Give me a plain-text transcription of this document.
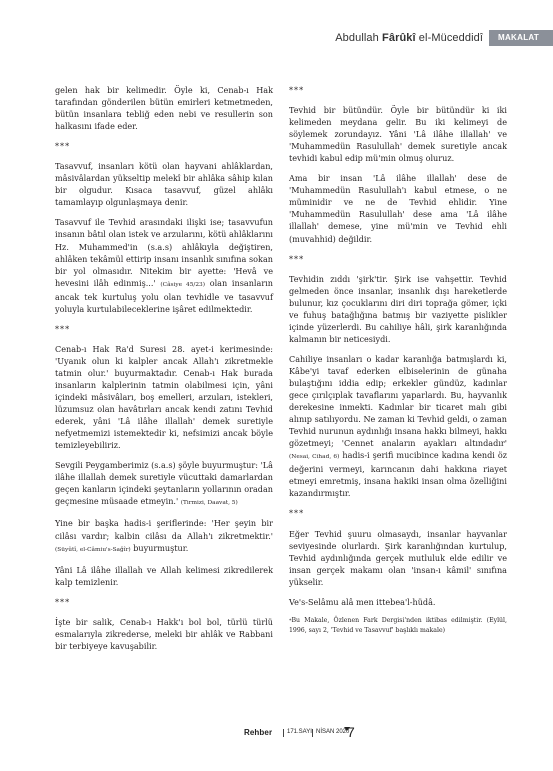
Abdullah Fârûkî el-Müceddidî	MAKALAT

gelen hak bir kelimedir. Öyle ki, Cenab-ı Hak tarafından gönderilen bütün emirleri ketmetmeden, bütün insanlara tebliğ eden nebi ve resullerin son halkasını ifade eder.

***

Tasavvuf, insanları kötü olan hayvani ahlâklardan, mâsivâlardan yükseltip melekî bir ahlâka sâhip kılan bir olgudur. Kısaca tasavvuf, güzel ahlâkı tamamlayıp olgunlaşmaya denir.

Tasavvuf ile Tevhid arasındaki ilişki ise; tasavvufun insanın bâtıl olan istek ve arzularını, kötü ahlâklarını Hz. Muhammed'in (s.a.s) ahlâkıyla değiştiren, ahlâken tekâmül ettirip insanı insanlık sınıfına sokan bir yol olmasıdır. Nitekim bir ayette: 'Hevâ ve hevesini ilâh edinmiş...' (Câsiye 45/23) olan insanların ancak tek kurtuluş yolu olan tevhidle ve tasavvuf yoluyla kurtulabileceklerine işâret edilmektedir.

***

Cenab-ı Hak Ra'd Suresi 28. ayet-i kerimesinde: 'Uyanık olun ki kalpler ancak Allah'ı zikretmekle tatmin olur.' buyurmaktadır. Cenab-ı Hak burada insanların kalplerinin tatmin olabilmesi için, yâni içindeki mâsivâları, boş emelleri, arzuları, istekleri, lüzumsuz olan havâtırları ancak kendi zatını Tevhid ederek, yâni 'Lâ ilâhe illallah' demek suretiyle nefyetmemizi istemektedir ki, nefsimizi ancak böyle temizleyebiliriz.

Sevgili Peygamberimiz (s.a.s) şöyle buyurmuştur: 'Lâ ilâhe illallah demek suretiyle vücuttaki damarlardan geçen kanların içindeki şeytanların yollarının oradan geçmesine müsaade etmeyin.' (Tirmizi, Daavat, 5)

Yine bir başka hadis-i şeriflerinde: 'Her şeyin bir cilâsı vardır; kalbin cilâsı da Allah'ı zikretmektir.' (Süyûtî, el-Câmiu's-Sağîr) buyurmuştur.

Yâni Lâ ilâhe illallah ve Allah kelimesi zikredilerek kalp temizlenir.

***

İşte bir salik, Cenab-ı Hakk'ı bol bol, türlü türlü esmalarıyla zikrederse, meleki bir ahlâk ve Rabbani bir terbiyeye kavuşabilir.

***

Tevhid bir bütündür. Öyle bir bütündür ki iki kelimeden meydana gelir. Bu iki kelimeyi de söylemek zorundayız. Yâni 'Lâ ilâhe illallah' ve 'Muhammedün Rasulullah' demek suretiyle ancak tevhidi kabul edip mü'min olmuş oluruz.

Ama bir insan 'Lâ ilâhe illallah' dese de 'Muhammedün Rasulullah'ı kabul etmese, o ne müminidir ve ne de Tevhid ehlidir. Yine 'Muhammedün Rasulullah' dese ama 'Lâ ilâhe illallah' demese, yine mü'min ve Tevhid ehli (muvahhid) değildir.

***

Tevhidin zıddı 'şirk'tir. Şirk ise vahşettir. Tevhid gelmeden önce insanlar, insanlık dışı hareketlerde bulunur, kız çocuklarını diri diri toprağa gömer, içki ve fuhuş batağlığına batmış bir vaziyette pislikler içinde yüzerlerdi. Bu cahiliye hâli, şirk karanlığında kalmanın bir neticesiydi.

Cahiliye insanları o kadar karanlığa batmışlardı ki, Kâbe'yi tavaf ederken elbiselerinin de günaha bulaştığını iddia edip; erkekler gündüz, kadınlar gece çırılçıplak tavaflarını yaparlardı. Bu, hayvanlık derekesine inmekti. Kadınlar bir ticaret malı gibi alınıp satılıyordu. Ne zaman ki Tevhid geldi, o zaman Tevhid nurunun aydınlığı insana hakkı bilmeyi, hakkı gözetmeyi; 'Cennet anaların ayakları altındadır' (Nesai, Cihad, 6) hadis-i şerifi mucibince kadına kendi öz değerini vermeyi, karıncanın dahi hakkına riayet etmeyi emretmiş, insana hakiki insan olma özelliğini kazandırmıştır.

***

Eğer Tevhid şuuru olmasaydı, insanlar hayvanlar seviyesinde olurlardı. Şirk karanlığından kurtulup, Tevhid aydınlığında gerçek mutluluk elde edilir ve insan gerçek makamı olan 'insan-ı kâmil' sınıfına yükselir.

Ve's-Selâmu alâ men ittebea'l-hüdâ.

*Bu Makale, Özlenen Fark Dergisi'nden iktibas edilmiştir. (Eylül, 1996, sayı 2, 'Tevhid ve Tasavvuf' başlıklı makale)

Rehber 171.SAYI NİSAN 2020
7
